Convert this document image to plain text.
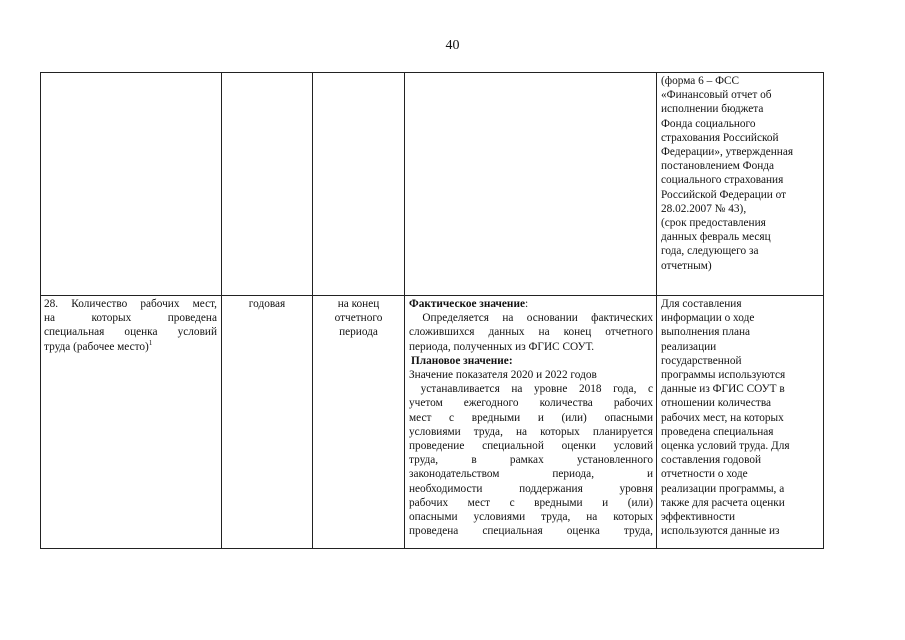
40
(форма 6 – ФСС
«Финансовый отчет об
исполнении бюджета
Фонда социального
страхования Российской
Федерации», утвержденная
постановлением Фонда
социального страхования
Российской Федерации от
28.02.2007 № 43),
(срок предоставления
данных февраль месяц
года, следующего за
отчетным)
28. Количество рабочих мест,
на которых проведена
специальная оценка условий
труда (рабочее место)$^1$
годовая	на конец
отчетного
периода
Фактическое значение:
Определяется на основании фактических
сложившихся данных на конец отчетного
периода, полученных из ФГИС СОУТ.
Плановое значение:
Значение показателя 2020 и 2022 годов
устанавливается на уровне 2018 года, с
учетом ежегодного количества рабочих
мест с вредными и (или) опасными
условиями труда, на которых планируется
проведение специальной оценки условий
труда, в рамках установленного
законодательством периода, и
необходимости поддержания уровня
рабочих мест с вредными и (или)
опасными условиями труда, на которых
проведена специальная оценка труда,
Для составления
информации о ходе
выполнения плана
реализации
государственной
программы используются
данные из ФГИС СОУТ в
отношении количества
рабочих мест, на которых
проведена специальная
оценка условий труда. Для
составления годовой
отчетности о ходе
реализации программы, а
также для расчета оценки
эффективности
используются данные из
